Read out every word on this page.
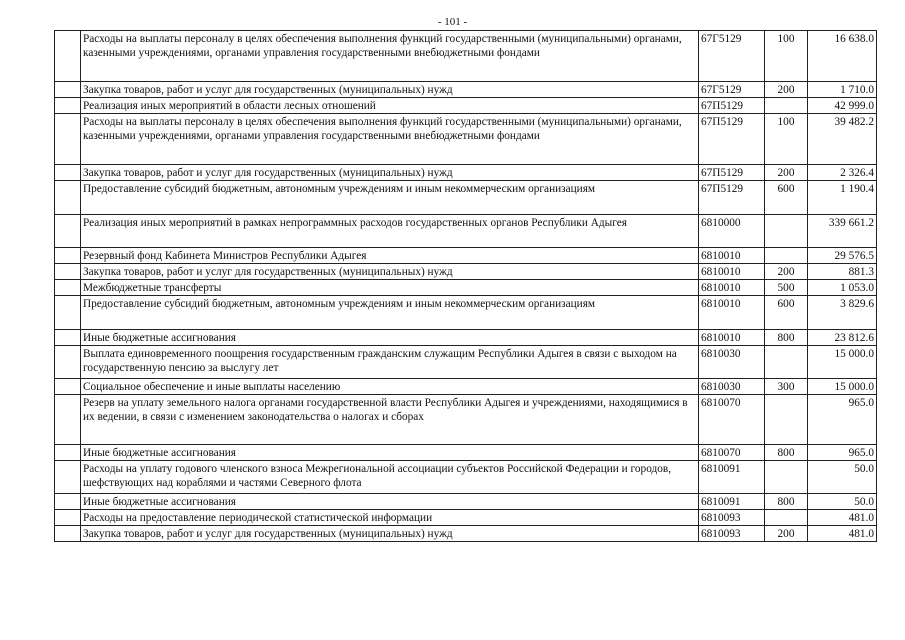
- 101 -
	Расходы на выплаты персоналу в целях обеспечения выполнения функций государственными (муниципальными) органами, казенными учреждениями, органами управления государственными внебюджетными фондами	67Г5129	100	16 638.0
	Закупка товаров, работ и услуг для государственных (муниципальных) нужд	67Г5129	200	1 710.0
	Реализация иных мероприятий в области лесных отношений	67П5129		42 999.0
	Расходы на выплаты персоналу в целях обеспечения выполнения функций государственными (муниципальными) органами, казенными учреждениями, органами управления государственными внебюджетными фондами	67П5129	100	39 482.2
	Закупка товаров, работ и услуг для государственных (муниципальных) нужд	67П5129	200	2 326.4
	Предоставление субсидий бюджетным, автономным учреждениям и иным некоммерческим организациям	67П5129	600	1 190.4
	Реализация иных мероприятий в рамках непрограммных расходов государственных органов Республики Адыгея	6810000		339 661.2
	Резервный фонд Кабинета Министров Республики Адыгея	6810010		29 576.5
	Закупка товаров, работ и услуг для государственных (муниципальных) нужд	6810010	200	881.3
	Межбюджетные трансферты	6810010	500	1 053.0
	Предоставление субсидий бюджетным, автономным учреждениям и иным некоммерческим организациям	6810010	600	3 829.6
	Иные бюджетные ассигнования	6810010	800	23 812.6
	Выплата единовременного поощрения государственным гражданским служащим Республики Адыгея в связи с выходом на государственную пенсию за выслугу лет	6810030		15 000.0
	Социальное обеспечение и иные выплаты населению	6810030	300	15 000.0
	Резерв на уплату земельного налога органами государственной власти Республики Адыгея и учреждениями, находящимися в их ведении, в связи с изменением законодательства о налогах и сборах	6810070		965.0
	Иные бюджетные ассигнования	6810070	800	965.0
	Расходы на уплату годового членского взноса Межрегиональной ассоциации субъектов Российской Федерации и городов, шефствующих над кораблями и частями Северного флота	6810091		50.0
	Иные бюджетные ассигнования	6810091	800	50.0
	Расходы на предоставление периодической статистической информации	6810093		481.0
	Закупка товаров, работ и услуг для государственных (муниципальных) нужд	6810093	200	481.0
